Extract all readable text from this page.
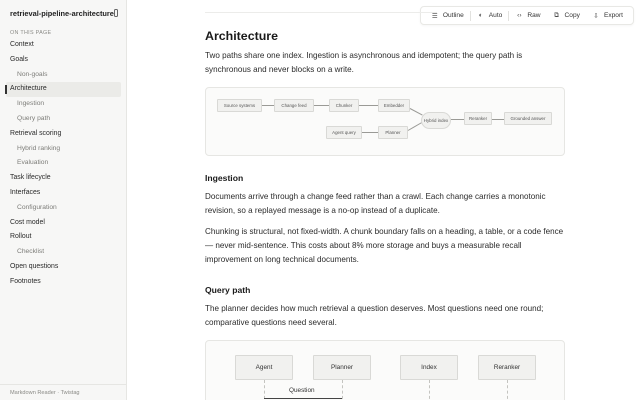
retrieval-pipeline-architecture
ON THIS PAGE
Context
Goals
Non-goals
Architecture
Ingestion
Query path
Retrieval scoring
Hybrid ranking
Evaluation
Task lifecycle
Interfaces
Configuration
Cost model
Rollout
Checklist
Open questions
Footnotes
Markdown Reader · Twistag
☰ Outline	◐ Auto ‹› Raw ⧉ Copy ⇩ Export
Architecture

Two paths share one index. Ingestion is asynchronous and idempotent; the query path is synchronous and never blocks on a write.

Source systems	Change feed	Chunker	Embedder
Agent query	Planner
Hybrid index	Reranker	Grounded answer
Ingestion

Documents arrive through a change feed rather than a crawl. Each change carries a monotonic revision, so a replayed message is a no-op instead of a duplicate.

Chunking is structural, not fixed-width. A chunk boundary falls on a heading, a table, or a code fence — never mid-sentence. This costs about 8% more storage and buys a measurable recall improvement on long technical documents.

Query path

The planner decides how much retrieval a question deserves. Most questions need one round; comparative questions need several.

Agent	Planner	Index	Reranker
Question
